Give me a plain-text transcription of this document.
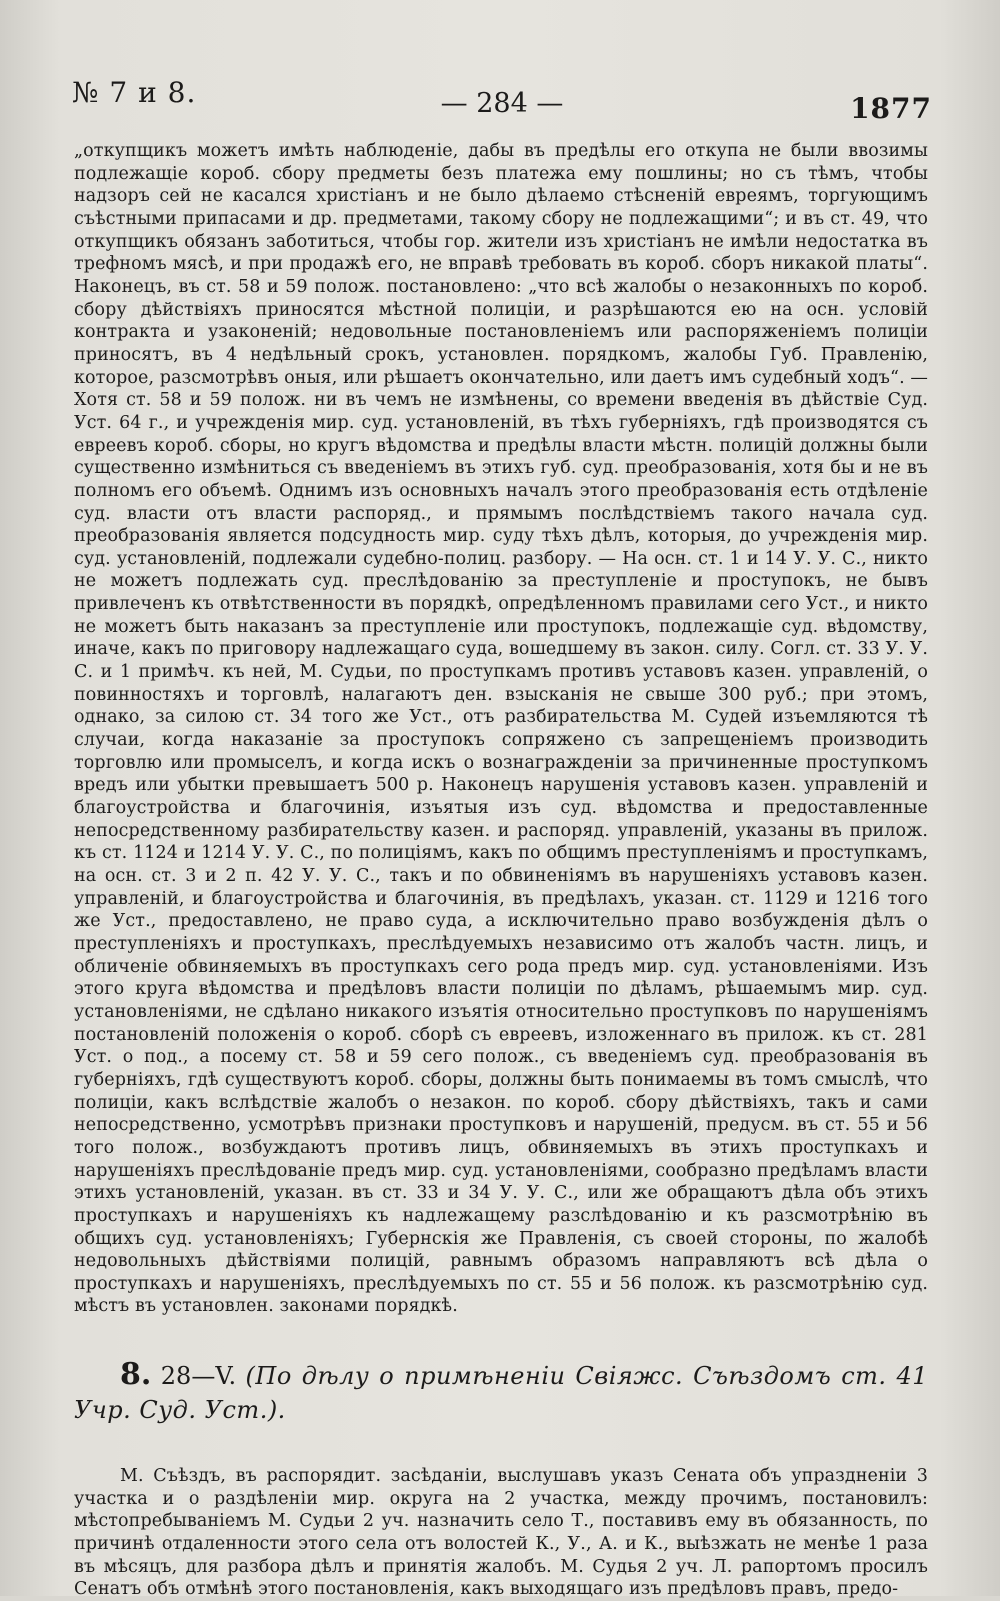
№ 7 и 8.	— 284 —	1877

„откупщикъ можетъ имѣть наблюденіе, дабы въ предѣлы его откупа не были ввозимы подлежащіе короб. сбору предметы безъ платежа ему пошлины; но съ тѣмъ, чтобы надзоръ сей не касался христіанъ и не было дѣлаемо стѣсненій евреямъ, торгующимъ съѣстными припасами и др. предметами, такому сбору не подлежащими“; и въ ст. 49, что откупщикъ обязанъ заботиться, чтобы гор. жители изъ христіанъ не имѣли недостатка въ трефномъ мясѣ, и при продажѣ его, не вправѣ требовать въ короб. сборъ никакой платы“. Накoнецъ, въ ст. 58 и 59 полож. постановлено: „что всѣ жалобы о незаконныхъ по короб. сбору дѣйствіяхъ приносятся мѣстной полиціи, и разрѣшаются ею на осн. условій контракта и узаконеній; недовольные постановленіемъ или распоряженіемъ полиціи приносятъ, въ 4 недѣльный срокъ, установлен. порядкомъ, жалобы Губ. Правленію, которое, разсмотрѣвъ оныя, или рѣшаетъ окончательно, или даетъ имъ судебный ходъ“. — Хотя ст. 58 и 59 полож. ни въ чемъ не измѣнены, со времени введенія въ дѣйствіе Суд. Уст. 64 г., и учрежденія мир. суд. установленій, въ тѣхъ губерніяхъ, гдѣ производятся съ евреевъ короб. сборы, но кругъ вѣдомства и предѣлы власти мѣстн. полицій должны были существенно измѣниться съ введеніемъ въ этихъ губ. суд. преобразованія, хотя бы и не въ полномъ его объемѣ. Однимъ изъ основныхъ началъ этого преобразованія есть отдѣленіе суд. власти отъ власти распоряд., и прямымъ послѣдствіемъ такого начала суд. преобразованія является подсудность мир. суду тѣхъ дѣлъ, которыя, до учрежденія мир. суд. установленій, подлежали судебно-полиц. разбору. — На осн. ст. 1 и 14 У. У. С., никто не можетъ подлежать суд. преслѣдованію за преступленіе и проступокъ, не бывъ привлеченъ къ отвѣтственности въ порядкѣ, опредѣленномъ правилами сего Уст., и никто не можетъ быть наказанъ за преступленіе или проступокъ, подлежащіе суд. вѣдомству, иначе, какъ по приговору надлежащаго суда, вошедшему въ закон. силу. Согл. ст. 33 У. У. С. и 1 примѣч. къ ней, М. Судьи, по проступкамъ противъ уставовъ казен. управленій, о повинностяхъ и торговлѣ, налагаютъ ден. взысканія не свыше 300 руб.; при этомъ, однако, за силою ст. 34 того же Уст., отъ разбирательства М. Судей изъемляются тѣ случаи, когда наказаніе за проступокъ сопряжено съ запрещеніемъ производить торговлю или промыселъ, и когда искъ о вознагражденіи за причиненные проступкомъ вредъ или убытки превышаетъ 500 р. Наконецъ нарушенія уставовъ казен. управленій и благоустройства и благочинія, изъятыя изъ суд. вѣдомства и предоставленные непосредственному разбирательству казен. и распоряд. управленій, указаны въ прилож. къ ст. 1124 и 1214 У. У. С., по полиціямъ, какъ по общимъ преступленіямъ и проступкамъ, на осн. ст. 3 и 2 п. 42 У. У. С., такъ и по обвиненіямъ въ нарушеніяхъ уставовъ казен. управленій, и благоустройства и благочинія, въ предѣлахъ, указан. ст. 1129 и 1216 того же Уст., предоставлено, не право суда, а исключительно право возбужденія дѣлъ о преступленіяхъ и проступкахъ, преслѣдуемыхъ независимо отъ жалобъ частн. лицъ, и обличеніе обвиняемыхъ въ проступкахъ сего рода предъ мир. суд. установленіями. Изъ этого круга вѣдомства и предѣловъ власти полиціи по дѣламъ, рѣшаемымъ мир. суд. установленіями, не сдѣлано никакого изъятія относительно проступковъ по нарушеніямъ постановленій положенія о короб. сборѣ съ евреевъ, изложеннаго въ прилож. къ ст. 281 Уст. о под., а посему ст. 58 и 59 сего полож., съ введеніемъ суд. преобразованія въ губерніяхъ, гдѣ существуютъ короб. сборы, должны быть понимаемы въ томъ смыслѣ, что полиціи, какъ вслѣдствіе жалобъ о незакон. по короб. сбору дѣйствіяхъ, такъ и сами непосредственно, усмотрѣвъ признаки проступковъ и нарушеній, предусм. въ ст. 55 и 56 того полож., возбуждаютъ противъ лицъ, обвиняемыхъ въ этихъ проступкахъ и нарушеніяхъ преслѣдованіе предъ мир. суд. установленіями, сообразно предѣламъ власти этихъ установленій, указан. въ ст. 33 и 34 У. У. С., или же обращаютъ дѣла объ этихъ проступкахъ и нарушеніяхъ къ надлежащему разслѣдованію и къ разсмотрѣнію въ общихъ суд. установленіяхъ; Губернскія же Правленія, съ своей стороны, по жалобѣ недовольныхъ дѣйствіями полицій, равнымъ образомъ направляютъ всѣ дѣла о проступкахъ и нарушеніяхъ, преслѣдуемыхъ по ст. 55 и 56 полож. къ разсмотрѣнію суд. мѣстъ въ установлен. законами порядкѣ.

8. 28—V. (По дѣлу о примѣненіи Свіяжс. Съѣздомъ ст. 41 Учр. Суд. Уст.).

М. Съѣздъ, въ распорядит. засѣданіи, выслушавъ указъ Сената объ упраздненіи 3 участка и о раздѣленіи мир. округа на 2 участка, между прочимъ, постановилъ: мѣстопребываніемъ М. Судьи 2 уч. назначить село Т., поставивъ ему въ обязанность, по причинѣ отдаленности этого села отъ волостей К., У., А. и К., выѣзжать не менѣе 1 раза въ мѣсяцъ, для разбора дѣлъ и принятія жалобъ. М. Судья 2 уч. Л. рапортомъ просилъ Сенатъ объ отмѣнѣ этого постановленія, какъ выходящаго изъ предѣловъ правъ, предо-
